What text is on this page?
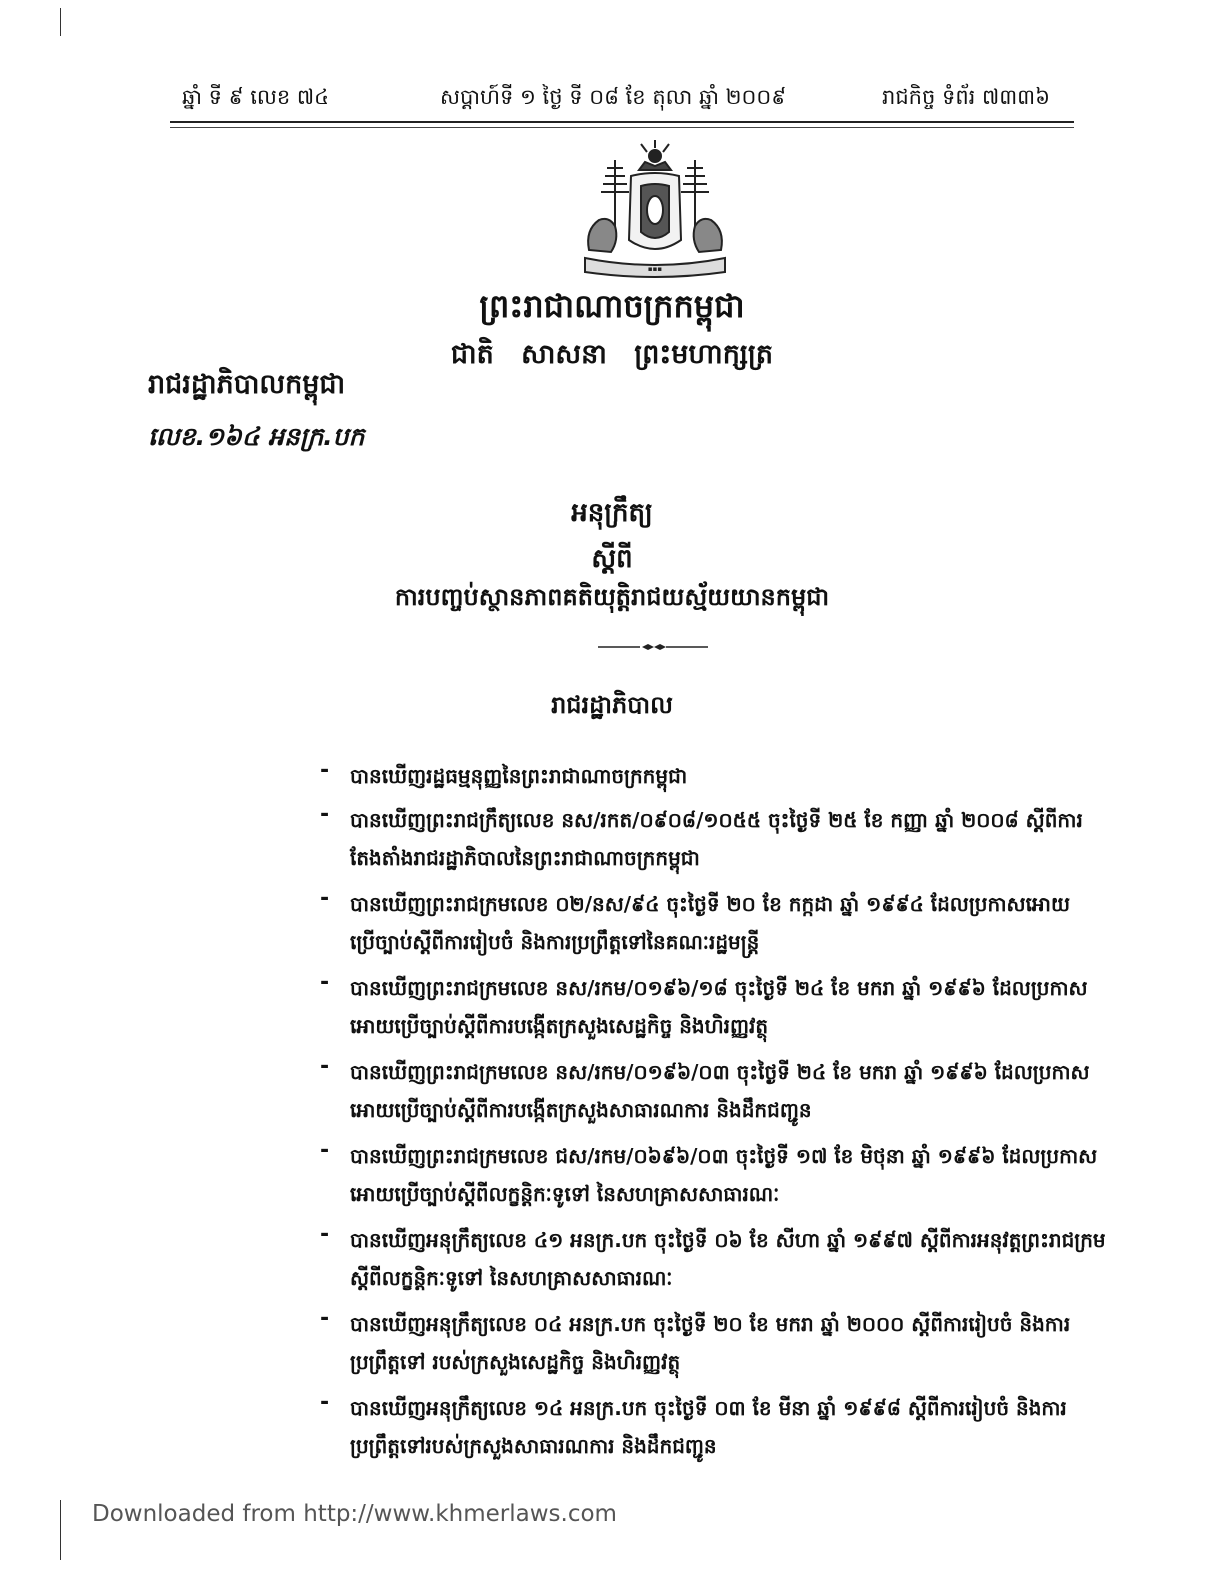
ឆ្នាំ ទី ៩ លេខ ៧៤	សប្តាហ៍ទី ១ ថ្ងៃ ទី ០៨ ខែ តុលា ឆ្នាំ ២០០៩	រាជកិច្ច ទំព័រ ៧៣៣៦
▪▪▪
ព្រះរាជាណាចក្រកម្ពុជា
ជាតិ សាសនា ព្រះមហាក្សត្រ
រាជរដ្ឋាភិបាលកម្ពុជា
លេខ.១៦៤ អនក្រ.បក
អនុក្រឹត្យ
ស្តីពី
ការបញ្ចប់ស្ថានភាពគតិយុត្តិរាជយស្ម័យយានកម្ពុជា
រាជរដ្ឋាភិបាល
- បានឃើញរដ្ឋធម្មនុញ្ញនៃព្រះរាជាណាចក្រកម្ពុជា
- បានឃើញព្រះរាជក្រឹត្យលេខ នស/រកត/០៩០៨/១០៥៥ ចុះថ្ងៃទី ២៥ ខែ កញ្ញា ឆ្នាំ ២០០៨ ស្តីពីការ
តែងតាំងរាជរដ្ឋាភិបាលនៃព្រះរាជាណាចក្រកម្ពុជា
- បានឃើញព្រះរាជក្រមលេខ ០២/នស/៩៤ ចុះថ្ងៃទី ២០ ខែ កក្កដា ឆ្នាំ ១៩៩៤ ដែលប្រកាសអោយ
ប្រើច្បាប់ស្តីពីការរៀបចំ និងការប្រព្រឹត្តទៅនៃគណៈរដ្ឋមន្ត្រី
- បានឃើញព្រះរាជក្រមលេខ នស/រកម/០១៩៦/១៨ ចុះថ្ងៃទី ២៤ ខែ មករា ឆ្នាំ ១៩៩៦ ដែលប្រកាស
អោយប្រើច្បាប់ស្តីពីការបង្កើតក្រសួងសេដ្ឋកិច្ច និងហិរញ្ញវត្ថុ
- បានឃើញព្រះរាជក្រមលេខ នស/រកម/០១៩៦/០៣ ចុះថ្ងៃទី ២៤ ខែ មករា ឆ្នាំ ១៩៩៦ ដែលប្រកាស
អោយប្រើច្បាប់ស្តីពីការបង្កើតក្រសួងសាធារណការ និងដឹកជញ្ជូន
- បានឃើញព្រះរាជក្រមលេខ ជស/រកម/០៦៩៦/០៣ ចុះថ្ងៃទី ១៧ ខែ មិថុនា ឆ្នាំ ១៩៩៦ ដែលប្រកាស
អោយប្រើច្បាប់ស្តីពីលក្ខន្តិកៈទូទៅ នៃសហគ្រាសសាធារណៈ
- បានឃើញអនុក្រឹត្យលេខ ៤១ អនក្រ.បក ចុះថ្ងៃទី ០៦ ខែ សីហា ឆ្នាំ ១៩៩៧ ស្តីពីការអនុវត្តព្រះរាជក្រម
ស្តីពីលក្ខន្តិកៈទូទៅ នៃសហគ្រាសសាធារណៈ
- បានឃើញអនុក្រឹត្យលេខ ០៤ អនក្រ.បក ចុះថ្ងៃទី ២០ ខែ មករា ឆ្នាំ ២០០០ ស្តីពីការរៀបចំ និងការ
ប្រព្រឹត្តទៅ របស់ក្រសួងសេដ្ឋកិច្ច និងហិរញ្ញវត្ថុ
- បានឃើញអនុក្រឹត្យលេខ ១៤ អនក្រ.បក ចុះថ្ងៃទី ០៣ ខែ មីនា ឆ្នាំ ១៩៩៨ ស្តីពីការរៀបចំ និងការ
ប្រព្រឹត្តទៅរបស់ក្រសួងសាធារណការ និងដឹកជញ្ជូន
Downloaded from http://www.khmerlaws.com
